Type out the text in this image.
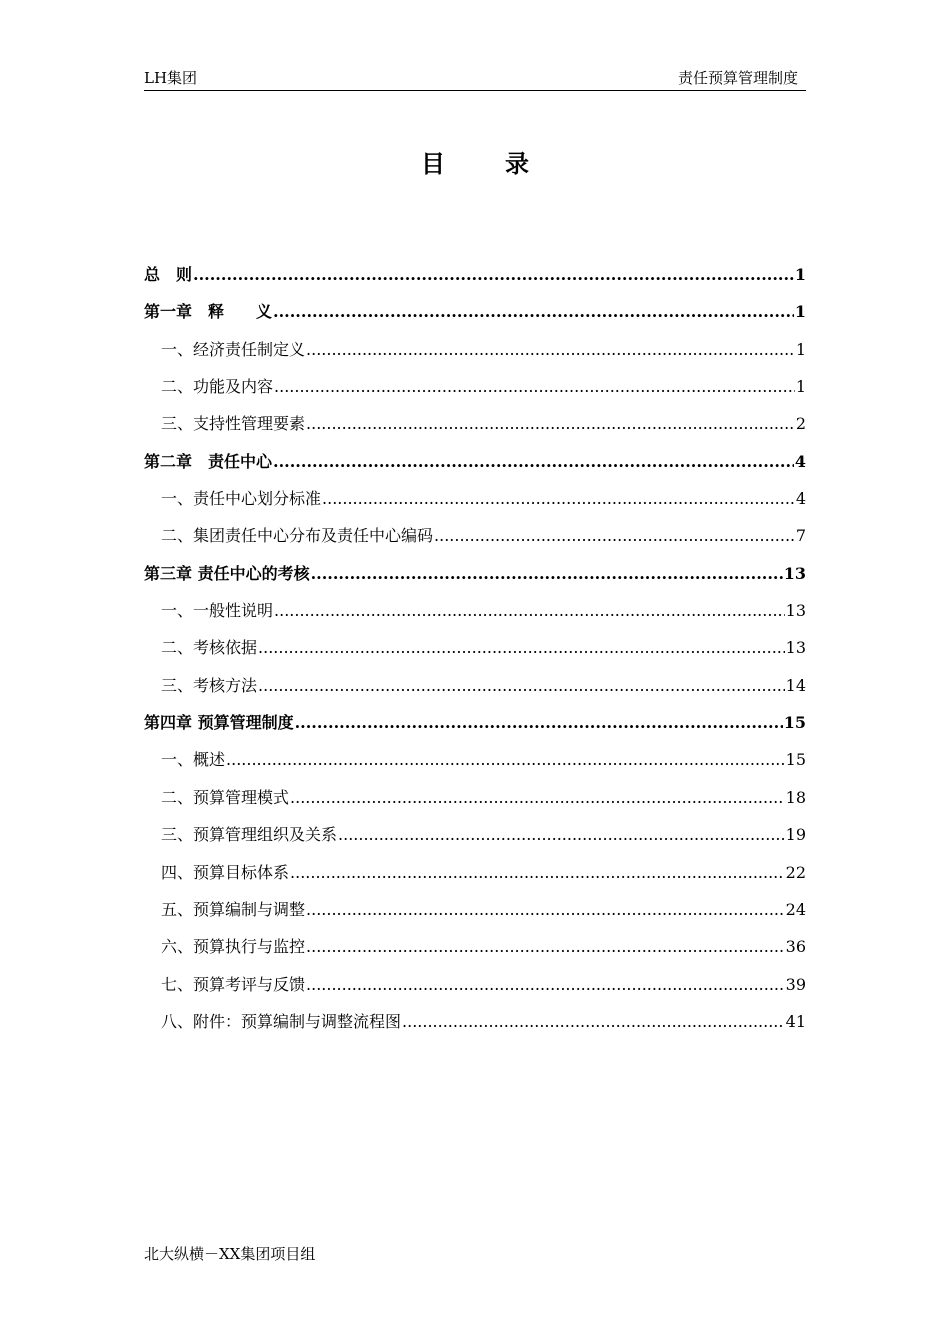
LH集团	责任预算管理制度
目录
总　则 .....	1
第一章　释　　义 .....	1
一、经济责任制定义 .....	1
二、功能及内容 .....	1
三、支持性管理要素 .....	2
第二章　责任中心 .....	4
一、责任中心划分标准 .....	4
二、集团责任中心分布及责任中心编码 .....	7
第三章 责任中心的考核 .....	13
一、一般性说明 .....	13
二、考核依据 .....	13
三、考核方法 .....	14
第四章 预算管理制度 .....	15
一、概述 .....	15
二、预算管理模式 .....	18
三、预算管理组织及关系 .....	19
四、预算目标体系 .....	22
五、预算编制与调整 .....	24
六、预算执行与监控 .....	36
七、预算考评与反馈 .....	39
八、附件：预算编制与调整流程图 .....	41
北大纵横－XX集团项目组
